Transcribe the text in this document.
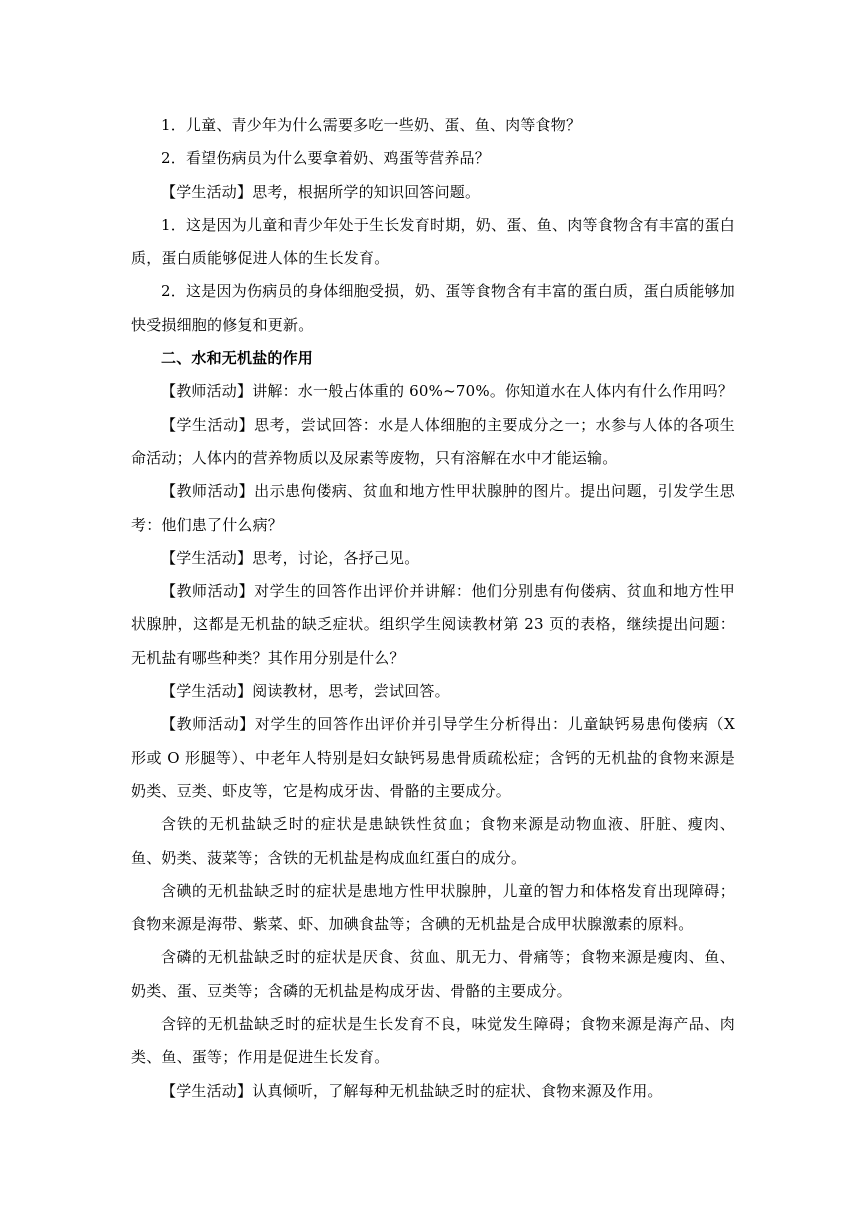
1．儿童、青少年为什么需要多吃一些奶、蛋、鱼、肉等食物？

2．看望伤病员为什么要拿着奶、鸡蛋等营养品？

【学生活动】思考，根据所学的知识回答问题。

1．这是因为儿童和青少年处于生长发育时期，奶、蛋、鱼、肉等食物含有丰富的蛋白质，蛋白质能够促进人体的生长发育。

2．这是因为伤病员的身体细胞受损，奶、蛋等食物含有丰富的蛋白质，蛋白质能够加快受损细胞的修复和更新。

二、水和无机盐的作用

【教师活动】讲解：水一般占体重的 60%~70%。你知道水在人体内有什么作用吗？

【学生活动】思考，尝试回答：水是人体细胞的主要成分之一；水参与人体的各项生命活动；人体内的营养物质以及尿素等废物，只有溶解在水中才能运输。

【教师活动】出示患佝偻病、贫血和地方性甲状腺肿的图片。提出问题，引发学生思考：他们患了什么病？

【学生活动】思考，讨论，各抒己见。

【教师活动】对学生的回答作出评价并讲解：他们分别患有佝偻病、贫血和地方性甲状腺肿，这都是无机盐的缺乏症状。组织学生阅读教材第 23 页的表格，继续提出问题：无机盐有哪些种类？其作用分别是什么？

【学生活动】阅读教材，思考，尝试回答。

【教师活动】对学生的回答作出评价并引导学生分析得出：儿童缺钙易患佝偻病（X 形或 O 形腿等）、中老年人特别是妇女缺钙易患骨质疏松症；含钙的无机盐的食物来源是奶类、豆类、虾皮等，它是构成牙齿、骨骼的主要成分。

含铁的无机盐缺乏时的症状是患缺铁性贫血；食物来源是动物血液、肝脏、瘦肉、鱼、奶类、菠菜等；含铁的无机盐是构成血红蛋白的成分。

含碘的无机盐缺乏时的症状是患地方性甲状腺肿，儿童的智力和体格发育出现障碍；食物来源是海带、紫菜、虾、加碘食盐等；含碘的无机盐是合成甲状腺激素的原料。

含磷的无机盐缺乏时的症状是厌食、贫血、肌无力、骨痛等；食物来源是瘦肉、鱼、奶类、蛋、豆类等；含磷的无机盐是构成牙齿、骨骼的主要成分。

含锌的无机盐缺乏时的症状是生长发育不良，味觉发生障碍；食物来源是海产品、肉类、鱼、蛋等；作用是促进生长发育。

【学生活动】认真倾听，了解每种无机盐缺乏时的症状、食物来源及作用。
